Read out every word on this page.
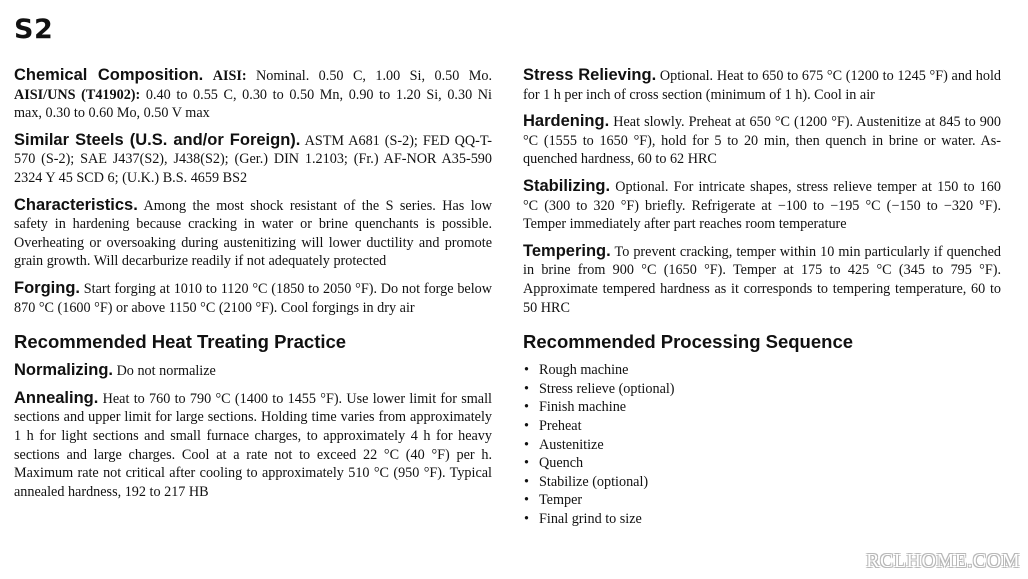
S2

Chemical Composition. AISI: Nominal. 0.50 C, 1.00 Si, 0.50 Mo. AISI/UNS (T41902): 0.40 to 0.55 C, 0.30 to 0.50 Mn, 0.90 to 1.20 Si, 0.30 Ni max, 0.30 to 0.60 Mo, 0.50 V max

Similar Steels (U.S. and/or Foreign). ASTM A681 (S-2); FED QQ-T-570 (S-2); SAE J437(S2), J438(S2); (Ger.) DIN 1.2103; (Fr.) AF-NOR A35-590 2324 Y 45 SCD 6; (U.K.) B.S. 4659 BS2

Characteristics. Among the most shock resistant of the S series. Has low safety in hardening because cracking in water or brine quenchants is possible. Overheating or oversoaking during austenitizing will lower ductility and promote grain growth. Will decarburize readily if not adequately protected

Forging. Start forging at 1010 to 1120 °C (1850 to 2050 °F). Do not forge below 870 °C (1600 °F) or above 1150 °C (2100 °F). Cool forgings in dry air

Recommended Heat Treating Practice

Normalizing. Do not normalize

Annealing. Heat to 760 to 790 °C (1400 to 1455 °F). Use lower limit for small sections and upper limit for large sections. Holding time varies from approximately 1 h for light sections and small furnace charges, to approximately 4 h for heavy sections and large charges. Cool at a rate not to exceed 22 °C (40 °F) per h. Maximum rate not critical after cooling to approximately 510 °C (950 °F). Typical annealed hardness, 192 to 217 HB

Stress Relieving. Optional. Heat to 650 to 675 °C (1200 to 1245 °F) and hold for 1 h per inch of cross section (minimum of 1 h). Cool in air

Hardening. Heat slowly. Preheat at 650 °C (1200 °F). Austenitize at 845 to 900 °C (1555 to 1650 °F), hold for 5 to 20 min, then quench in brine or water. As-quenched hardness, 60 to 62 HRC

Stabilizing. Optional. For intricate shapes, stress relieve temper at 150 to 160 °C (300 to 320 °F) briefly. Refrigerate at −100 to −195 °C (−150 to −320 °F). Temper immediately after part reaches room temperature

Tempering. To prevent cracking, temper within 10 min particularly if quenched in brine from 900 °C (1650 °F). Temper at 175 to 425 °C (345 to 795 °F). Approximate tempered hardness as it corresponds to tempering temperature, 60 to 50 HRC

Recommended Processing Sequence
• Rough machine
• Stress relieve (optional)
• Finish machine
• Preheat
• Austenitize
• Quench
• Stabilize (optional)
• Temper
• Final grind to size
RCLHOME.COM
